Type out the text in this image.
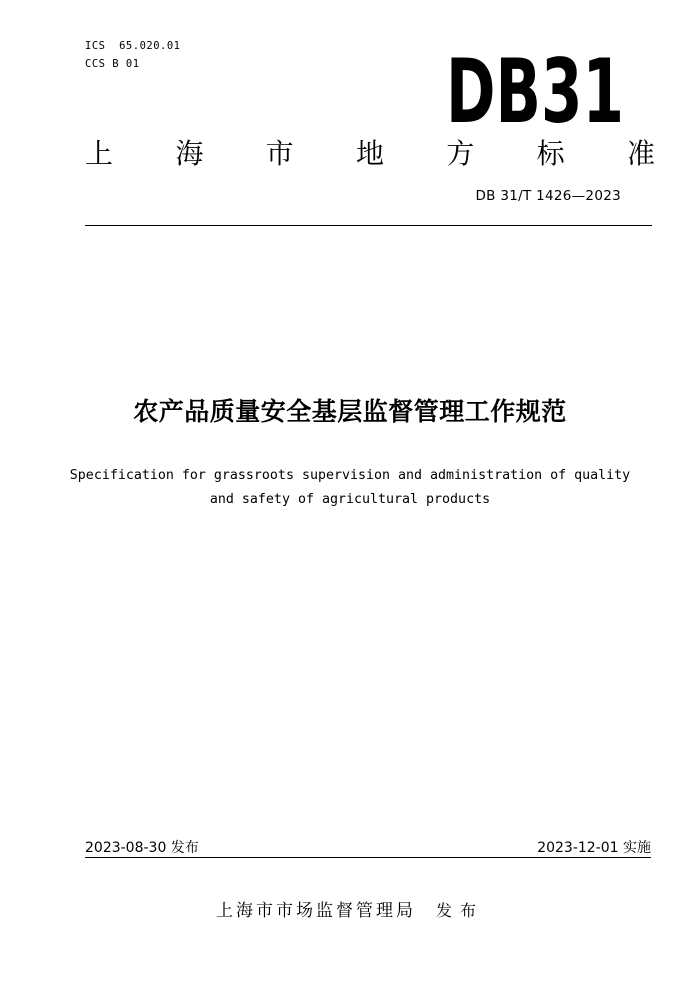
ICS  65.020.01
CCS B 01	DB31
上 海 市 地 方 标 准
DB 31/T 1426—2023
农产品质量安全基层监督管理工作规范
Specification for grassroots supervision and administration of quality
and safety of agricultural products
2023-08-30 发布	2023-12-01 实施
上海市市场监督管理局 发布
